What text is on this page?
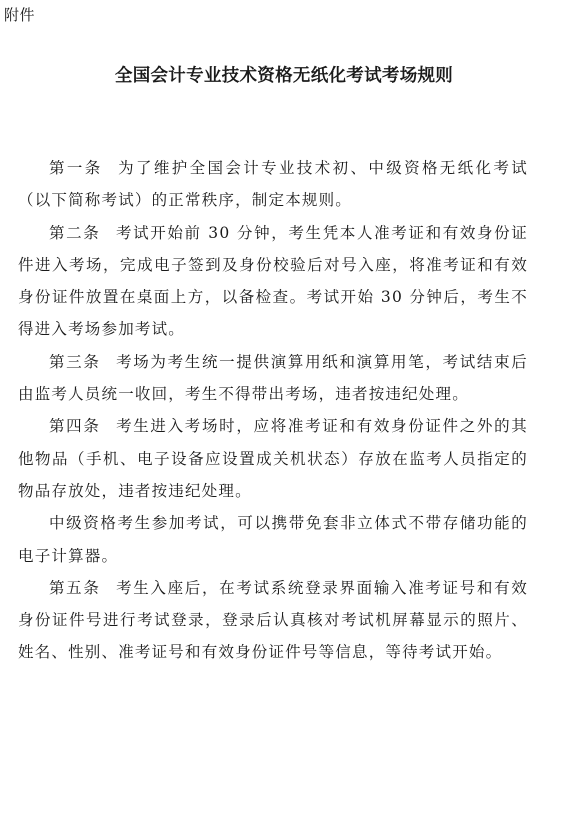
附件
全国会计专业技术资格无纸化考试考场规则

第一条 为了维护全国会计专业技术初、中级资格无纸化考试（以下简称考试）的正常秩序，制定本规则。

第二条 考试开始前 30 分钟，考生凭本人准考证和有效身份证件进入考场，完成电子签到及身份校验后对号入座，将准考证和有效身份证件放置在桌面上方，以备检查。考试开始 30 分钟后，考生不得进入考场参加考试。

第三条 考场为考生统一提供演算用纸和演算用笔，考试结束后由监考人员统一收回，考生不得带出考场，违者按违纪处理。

第四条 考生进入考场时，应将准考证和有效身份证件之外的其他物品（手机、电子设备应设置成关机状态）存放在监考人员指定的物品存放处，违者按违纪处理。

中级资格考生参加考试，可以携带免套非立体式不带存储功能的电子计算器。

第五条 考生入座后，在考试系统登录界面输入准考证号和有效身份证件号进行考试登录，登录后认真核对考试机屏幕显示的照片、姓名、性别、准考证号和有效身份证件号等信息，等待考试开始。
